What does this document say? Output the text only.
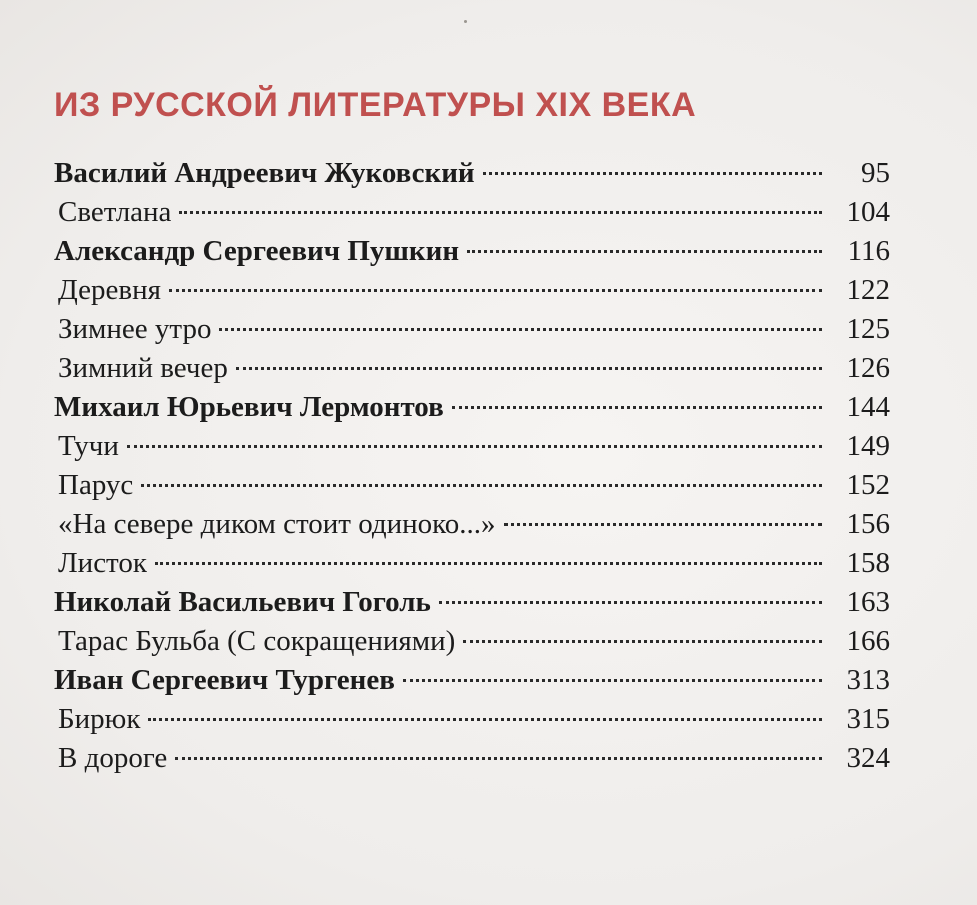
ИЗ РУССКОЙ ЛИТЕРАТУРЫ XIX ВЕКА
Василий Андреевич Жуковский	95
Светлана	104
Александр Сергеевич Пушкин	116
Деревня	122
Зимнее утро	125
Зимний вечер	126
Михаил Юрьевич Лермонтов	144
Тучи	149
Парус	152
«На севере диком стоит одиноко...»	156
Листок	158
Николай Васильевич Гоголь	163
Тарас Бульба (С сокращениями)	166
Иван Сергеевич Тургенев	313
Бирюк	315
В дороге	324
